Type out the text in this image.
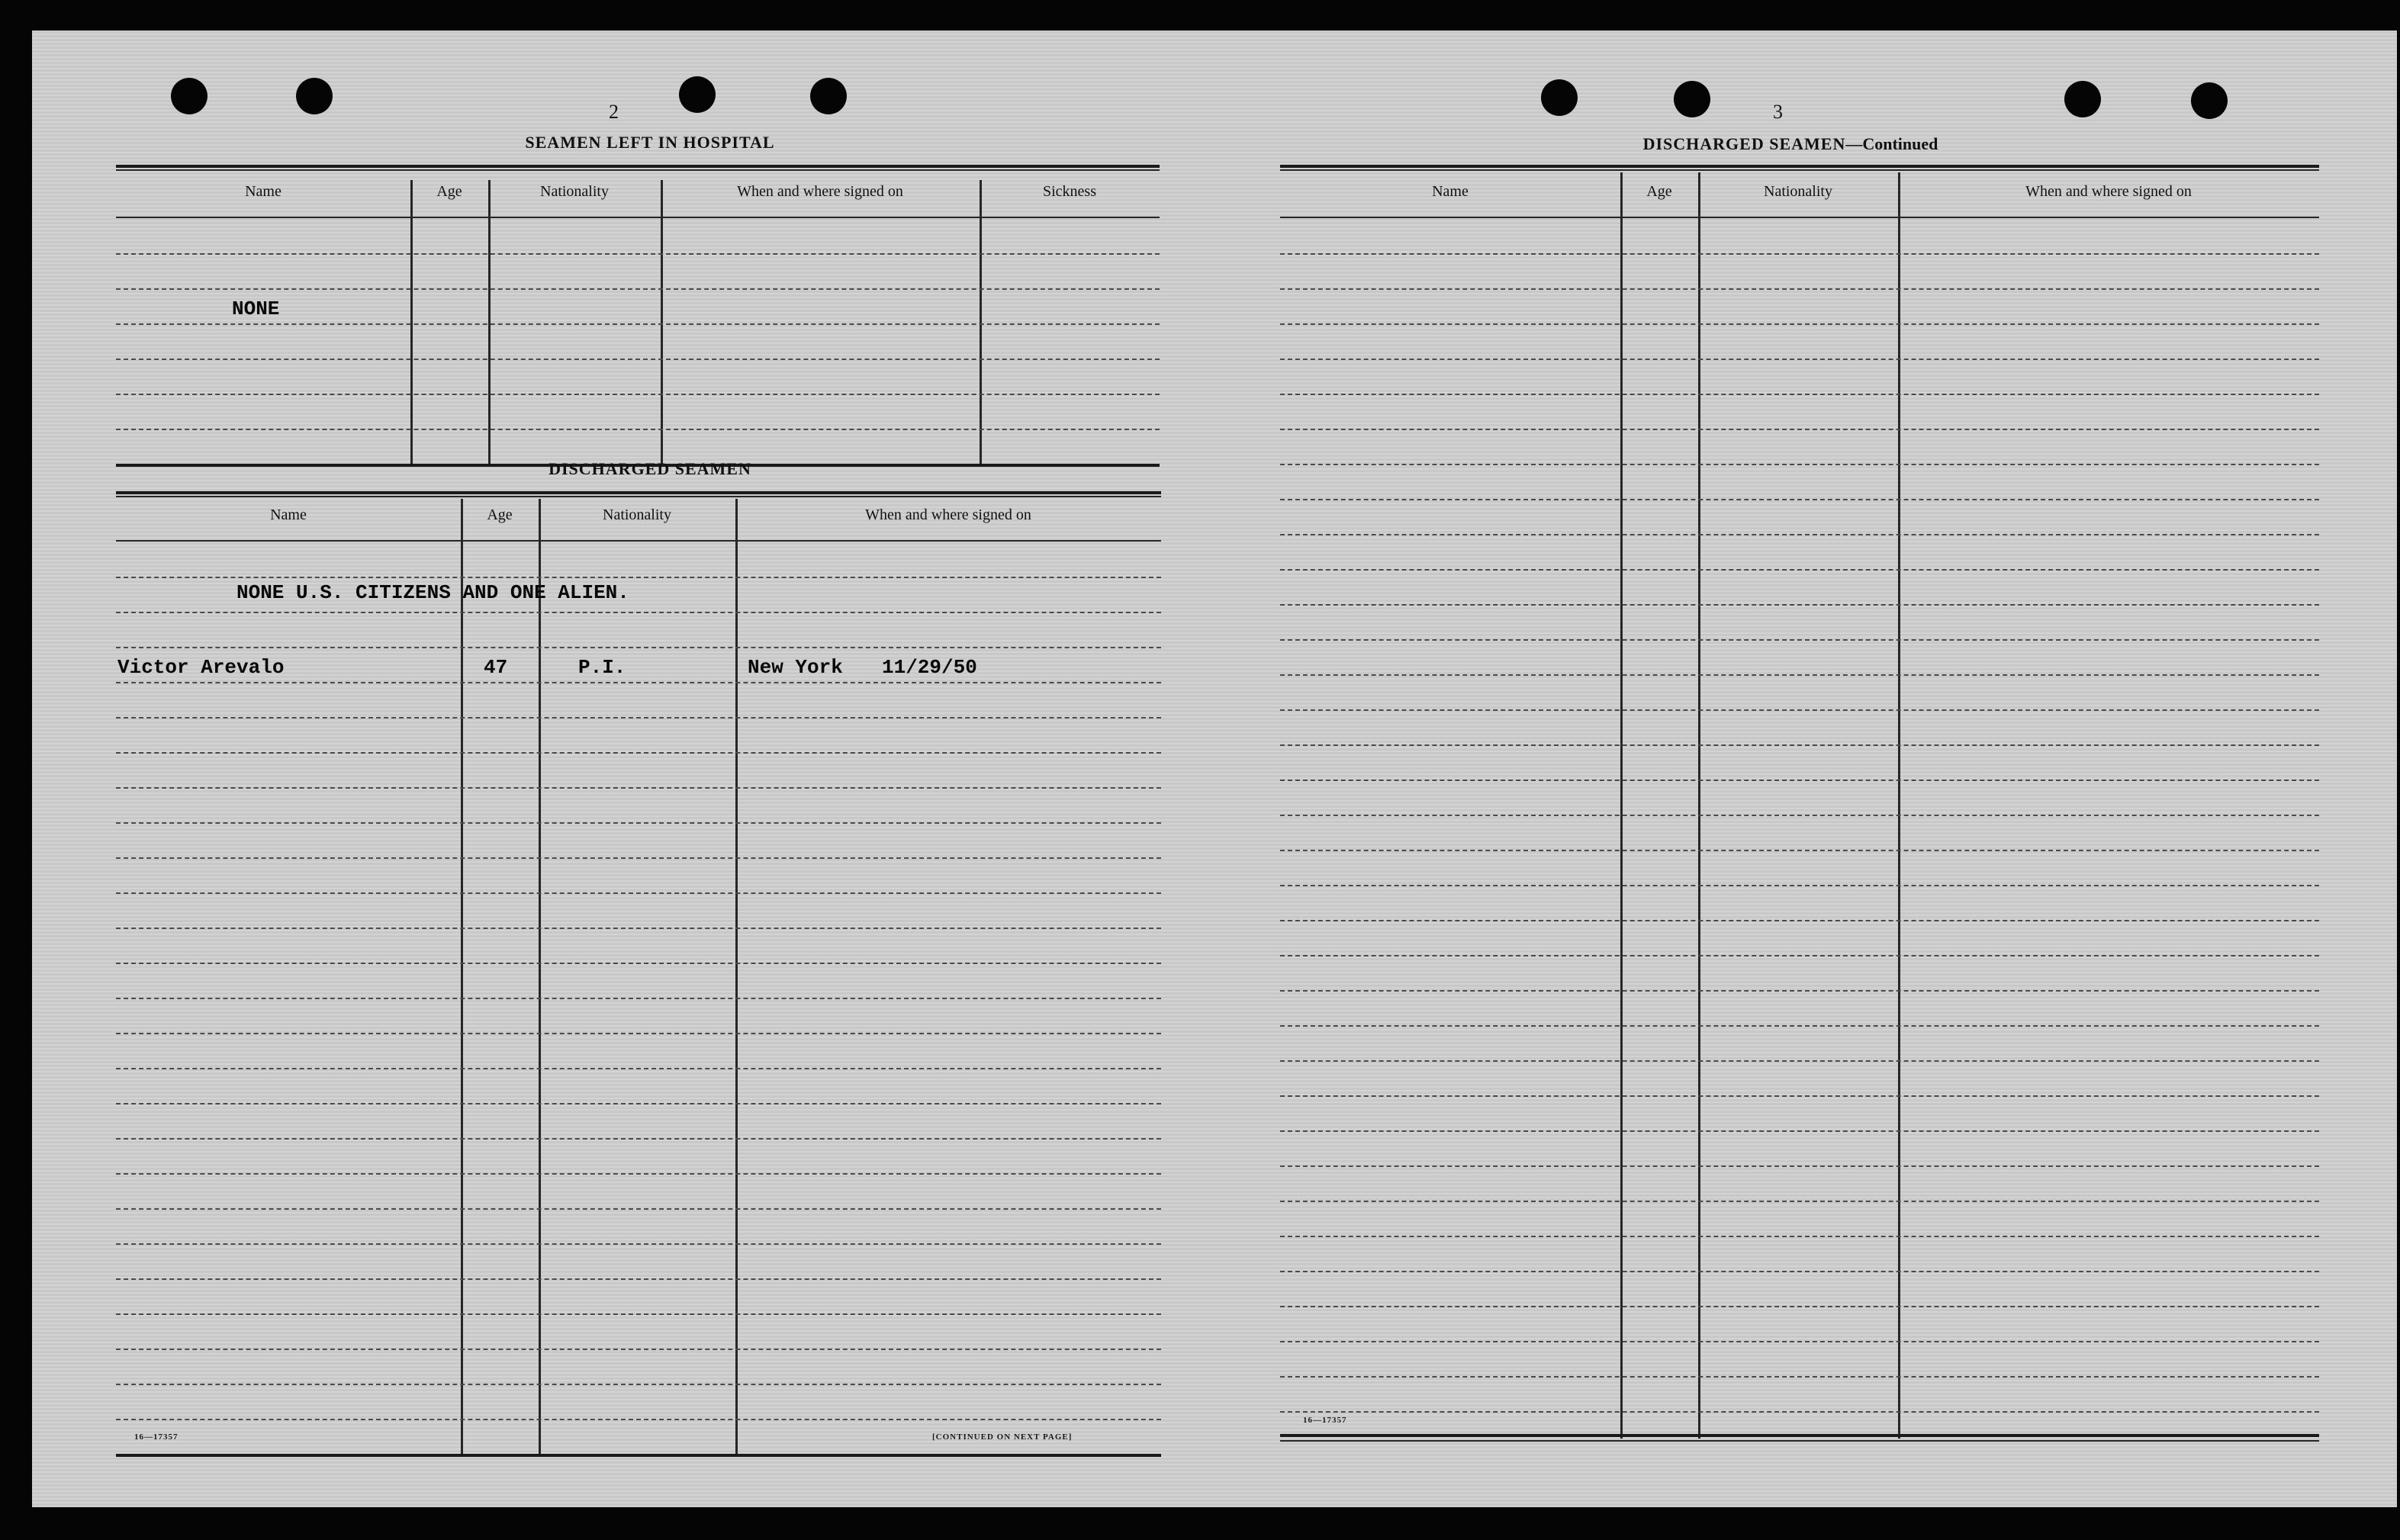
2
SEAMEN LEFT IN HOSPITAL
Name	Age	Nationality	When and where signed on	Sickness
NONE
DISCHARGED SEAMEN
Name	Age	Nationality	When and where signed on
NONE U.S. CITIZENS AND ONE ALIEN.
Victor Arevalo	47	P.I.	New York 11/29/50
16—17357	[CONTINUED ON NEXT PAGE]
3
DISCHARGED SEAMEN—Continued
Name	Age	Nationality	When and where signed on
16—17357
